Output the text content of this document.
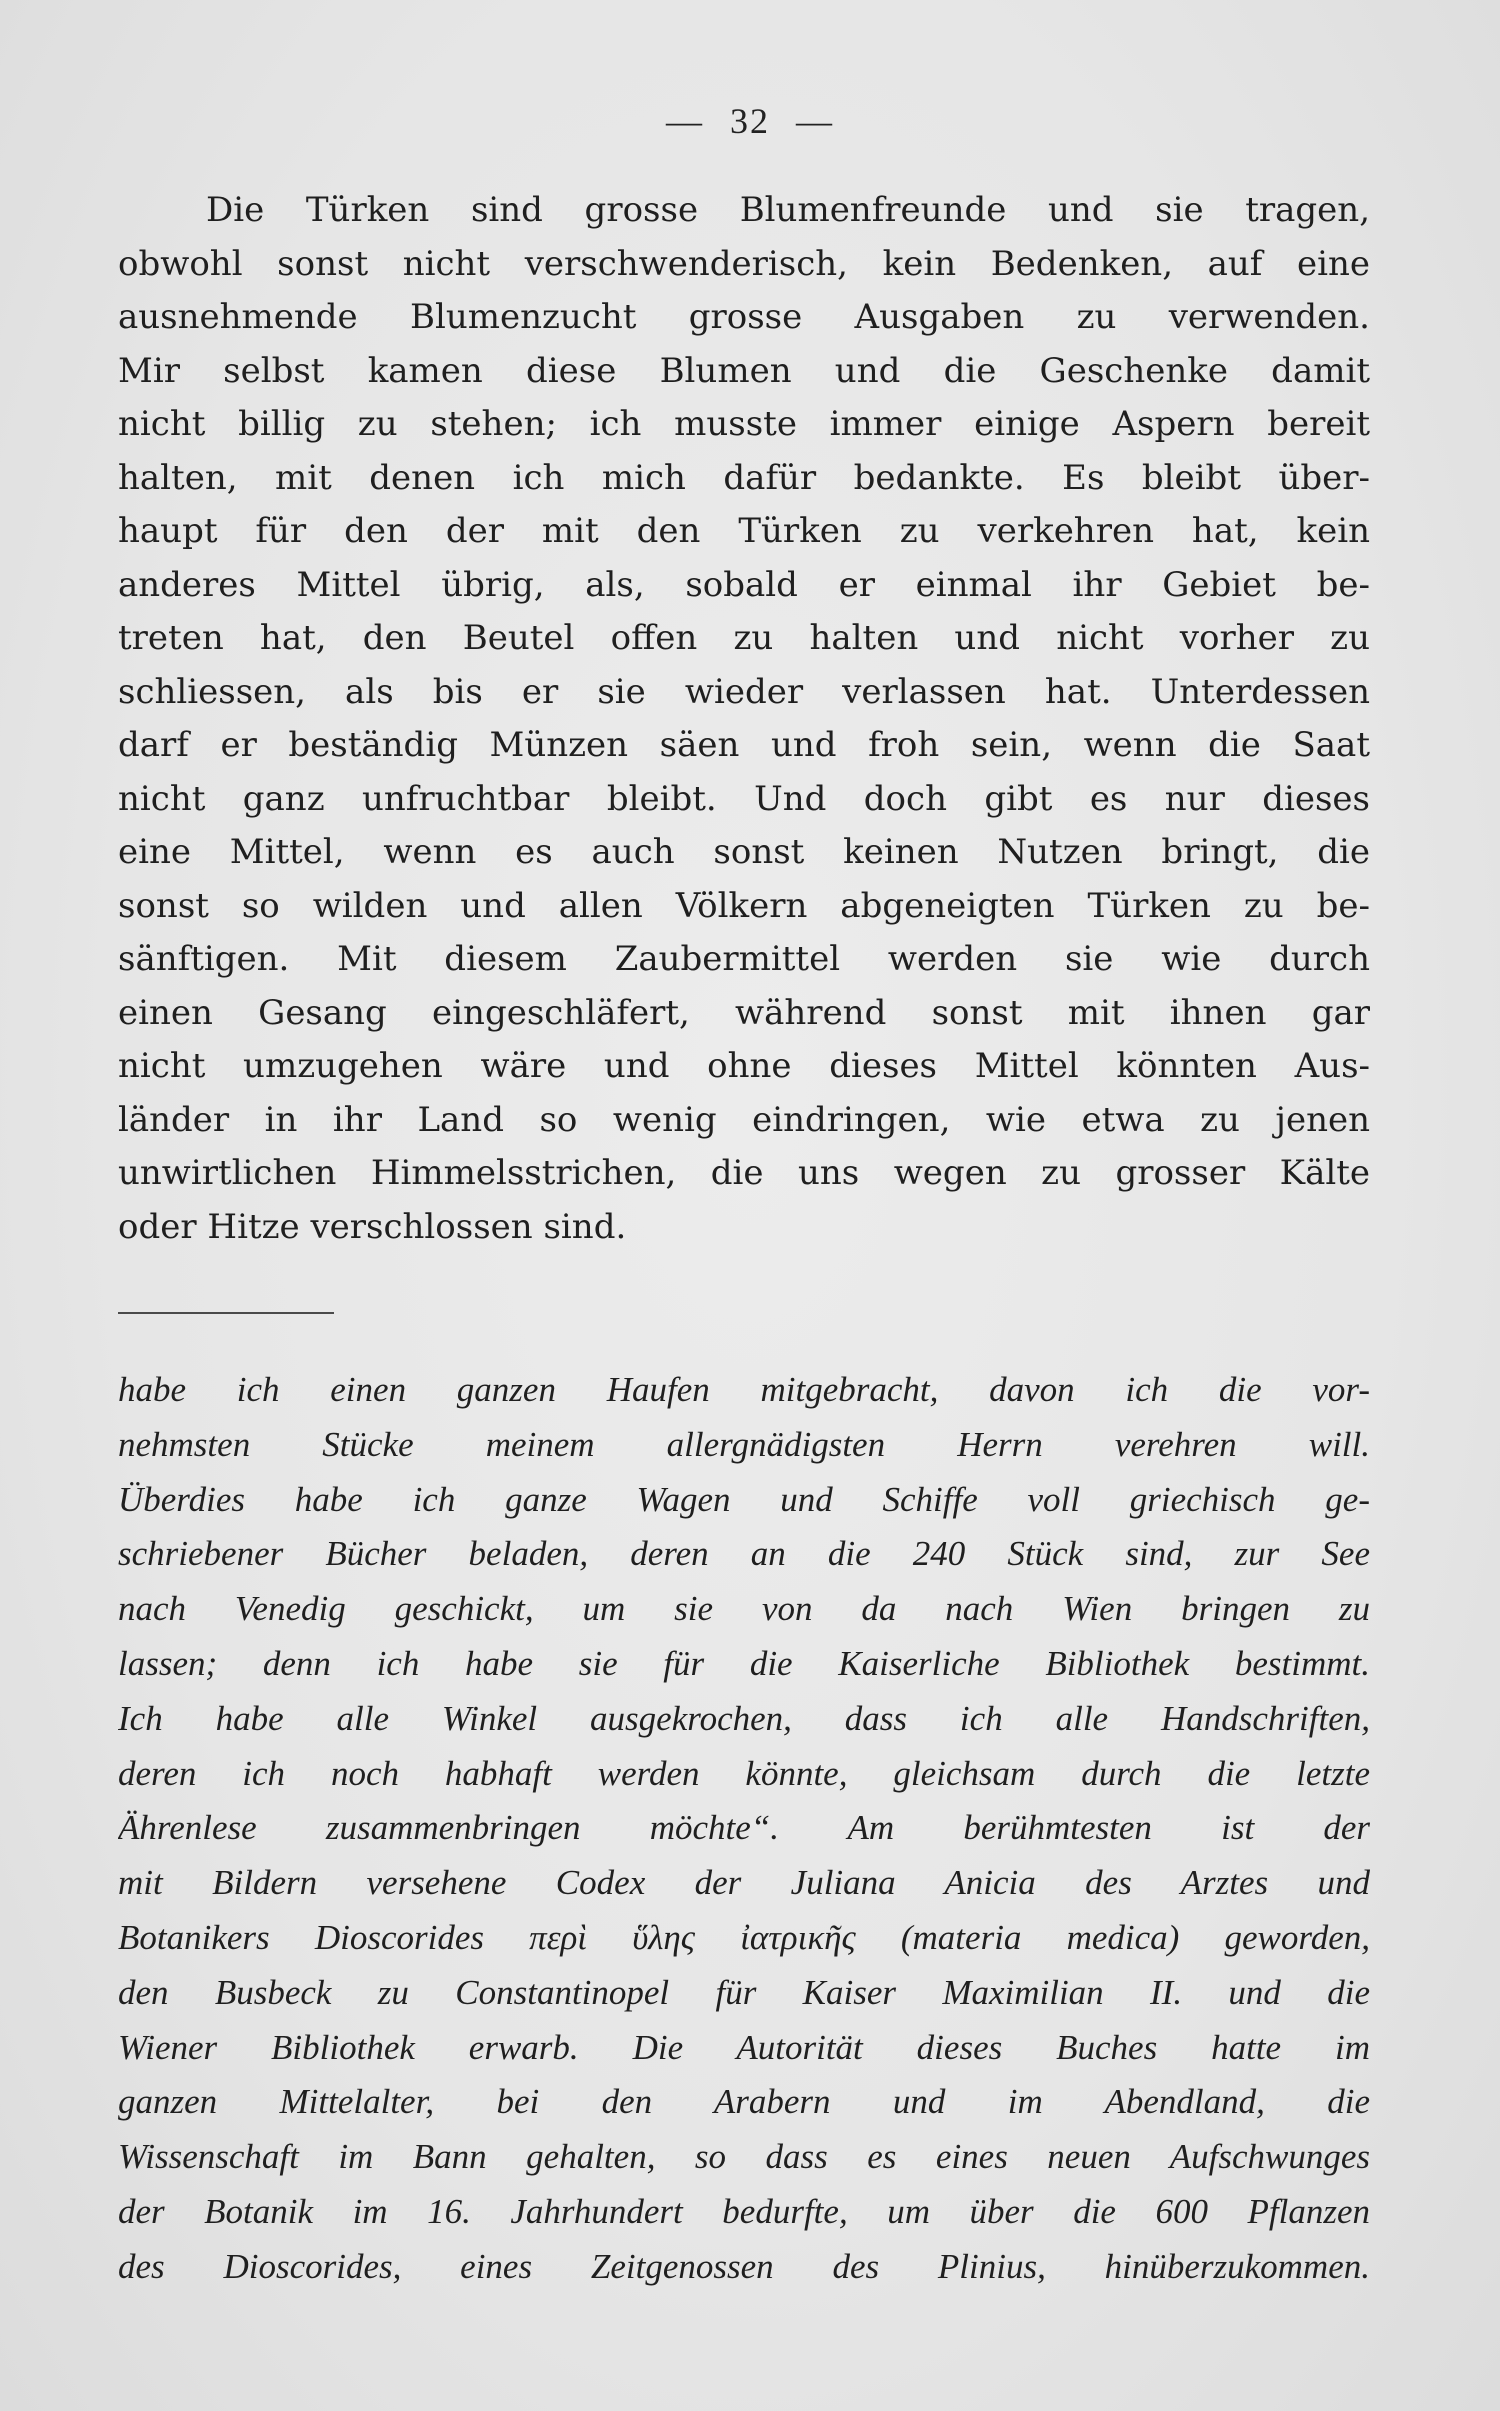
— 32 —
Die Türken sind grosse Blumenfreunde und sie tragen,
obwohl sonst nicht verschwenderisch, kein Bedenken, auf eine
ausnehmende Blumenzucht grosse Ausgaben zu verwenden.
Mir selbst kamen diese Blumen und die Geschenke damit
nicht billig zu stehen; ich musste immer einige Aspern bereit
halten, mit denen ich mich dafür bedankte. Es bleibt über-
haupt für den der mit den Türken zu verkehren hat, kein
anderes Mittel übrig, als, sobald er einmal ihr Gebiet be-
treten hat, den Beutel offen zu halten und nicht vorher zu
schliessen, als bis er sie wieder verlassen hat. Unterdessen
darf er beständig Münzen säen und froh sein, wenn die Saat
nicht ganz unfruchtbar bleibt. Und doch gibt es nur dieses
eine Mittel, wenn es auch sonst keinen Nutzen bringt, die
sonst so wilden und allen Völkern abgeneigten Türken zu be-
sänftigen. Mit diesem Zaubermittel werden sie wie durch
einen Gesang eingeschläfert, während sonst mit ihnen gar
nicht umzugehen wäre und ohne dieses Mittel könnten Aus-
länder in ihr Land so wenig eindringen, wie etwa zu jenen
unwirtlichen Himmelsstrichen, die uns wegen zu grosser Kälte
oder Hitze verschlossen sind.
habe ich einen ganzen Haufen mitgebracht, davon ich die vor-
nehmsten Stücke meinem allergnädigsten Herrn verehren will.
Überdies habe ich ganze Wagen und Schiffe voll griechisch ge-
schriebener Bücher beladen, deren an die 240 Stück sind, zur See
nach Venedig geschickt, um sie von da nach Wien bringen zu
lassen; denn ich habe sie für die Kaiserliche Bibliothek bestimmt.
Ich habe alle Winkel ausgekrochen, dass ich alle Handschriften,
deren ich noch habhaft werden könnte, gleichsam durch die letzte
Ährenlese zusammenbringen möchte“. Am berühmtesten ist der
mit Bildern versehene Codex der Juliana Anicia des Arztes und
Botanikers Dioscorides περὶ ὕλης ἰατρικῆς (materia medica) geworden,
den Busbeck zu Constantinopel für Kaiser Maximilian II. und die
Wiener Bibliothek erwarb. Die Autorität dieses Buches hatte im
ganzen Mittelalter, bei den Arabern und im Abendland, die
Wissenschaft im Bann gehalten, so dass es eines neuen Aufschwunges
der Botanik im 16. Jahrhundert bedurfte, um über die 600 Pflanzen
des Dioscorides, eines Zeitgenossen des Plinius, hinüberzukommen.
